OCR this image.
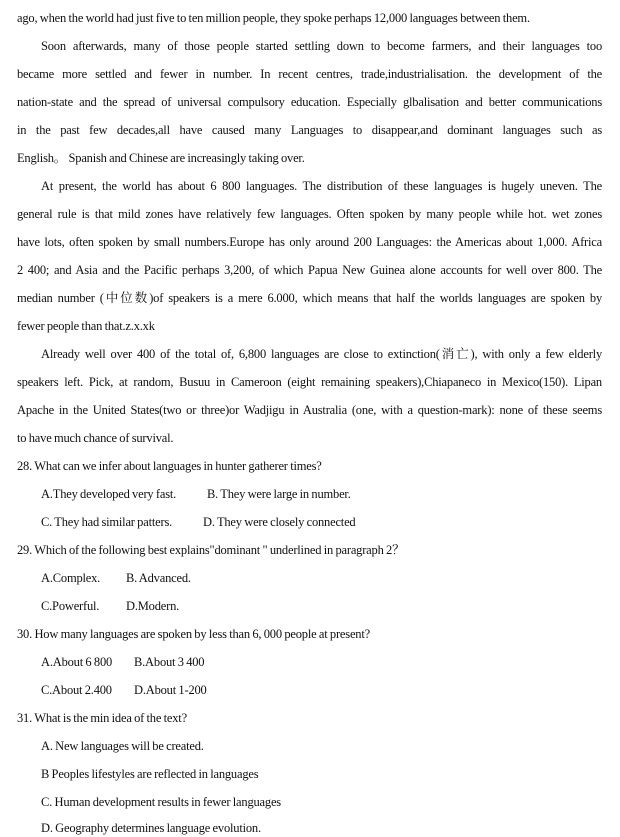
ago, when the world had just five to ten million people, they spoke perhaps 12,000 languages between them.
Soon afterwards, many of those people started settling down to become farmers, and their languages too
became more settled and fewer in number. In recent centres, trade,industrialisation. the development of the
nation-state and the spread of universal compulsory education. Especially glbalisation and better communications
in the past few decades,all have caused many Languages to disappear,and dominant languages such as
English。 Spanish and Chinese are increasingly taking over.
At present, the world has about 6 800 languages. The distribution of these languages is hugely uneven. The
general rule is that mild zones have relatively few languages. Often spoken by many people while hot. wet zones
have lots, often spoken by small numbers.Europe has only around 200 Languages: the Americas about 1,000. Africa
2 400; and Asia and the Pacific perhaps 3,200, of which Papua New Guinea alone accounts for well over 800. The
median number (中位数)of speakers is a mere 6.000, which means that half the worlds languages are spoken by
fewer people than that.z.x.xk
Already well over 400 of the total of, 6,800 languages are close to extinction(消亡), with only a few elderly
speakers left. Pick, at random, Busuu in Cameroon (eight remaining speakers),Chiapaneco in Mexico(150). Lipan
Apache in the United States(two or three)or Wadjigu in Australia (one, with a question-mark): none of these seems
to have much chance of survival.
28. What can we infer about languages in hunter gatherer times?
A.They developed very fast.	B. They were large in number.
C. They had similar patters.	D. They were closely connected
29. Which of the following best explains"dominant " underlined in paragraph 2？
A.Complex.	B. Advanced.
C.Powerful.	D.Modern.
30. How many languages are spoken by less than 6, 000 people at present?
A.About 6 800	B.About 3 400
C.About 2.400	D.About 1-200
31. What is the min idea of the text?
A. New languages will be created.
B Peoples lifestyles are reflected in languages
C. Human development results in fewer languages
D. Geography determines language evolution.
